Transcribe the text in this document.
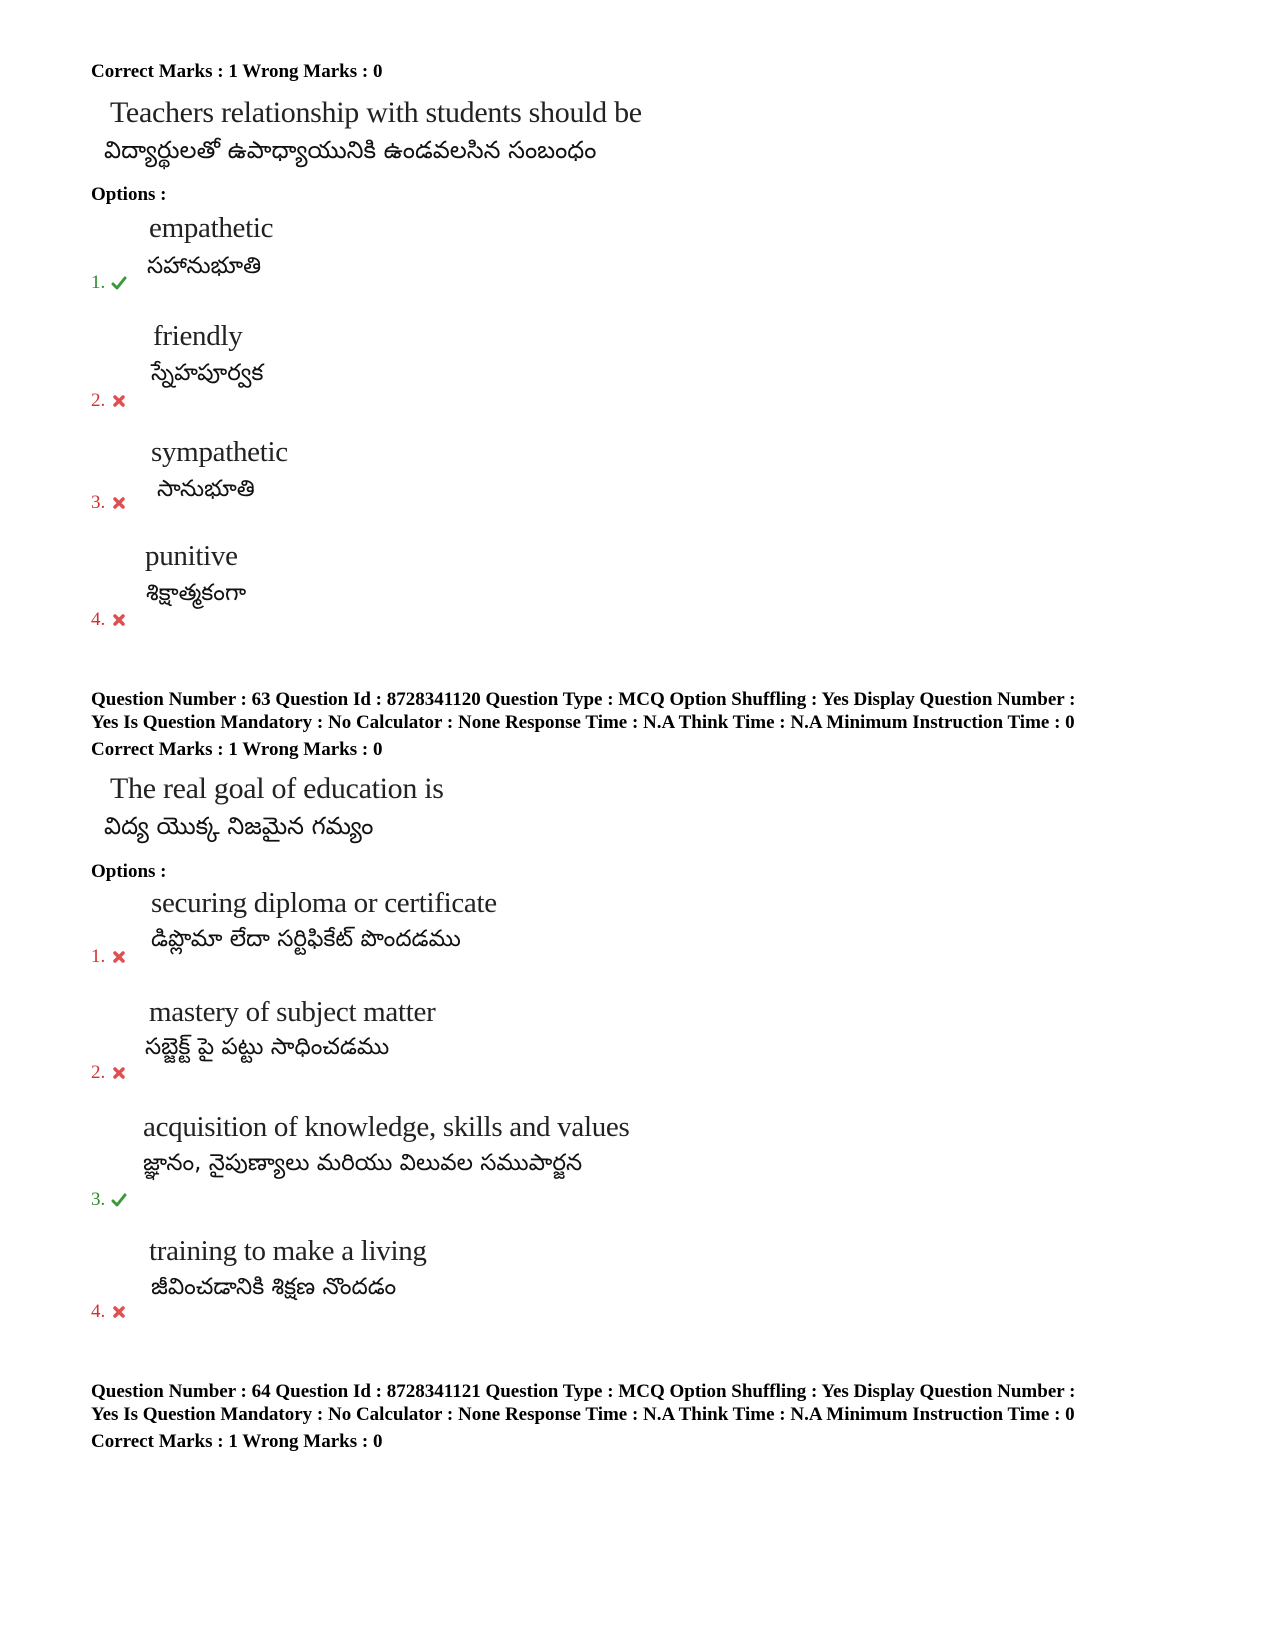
Correct Marks : 1 Wrong Marks : 0
Teachers relationship with students should be
విద్యార్థులతో ఉపాధ్యాయునికి ఉండవలసిన సంబంధం
Options :
empathetic
సహానుభూతి
1.
friendly
స్నేహపూర్వక
2.
sympathetic
సానుభూతి
3.
punitive
శిక్షాత్మకంగా
4.
Question Number : 63 Question Id : 8728341120 Question Type : MCQ Option Shuffling : Yes Display Question Number :
Yes Is Question Mandatory : No Calculator : None Response Time : N.A Think Time : N.A Minimum Instruction Time : 0
Correct Marks : 1 Wrong Marks : 0
The real goal of education is
విద్య యొక్క నిజమైన గమ్యం
Options :
securing diploma or certificate
డిప్లొమా లేదా సర్టిఫికేట్ పొందడము
1.
mastery of subject matter
సబ్జెక్ట్ పై పట్టు సాధించడము
2.
acquisition of knowledge, skills and values
జ్ఞానం, నైపుణ్యాలు మరియు విలువల సముపార్జన
3.
training to make a living
జీవించడానికి శిక్షణ నొందడం
4.
Question Number : 64 Question Id : 8728341121 Question Type : MCQ Option Shuffling : Yes Display Question Number :
Yes Is Question Mandatory : No Calculator : None Response Time : N.A Think Time : N.A Minimum Instruction Time : 0
Correct Marks : 1 Wrong Marks : 0
